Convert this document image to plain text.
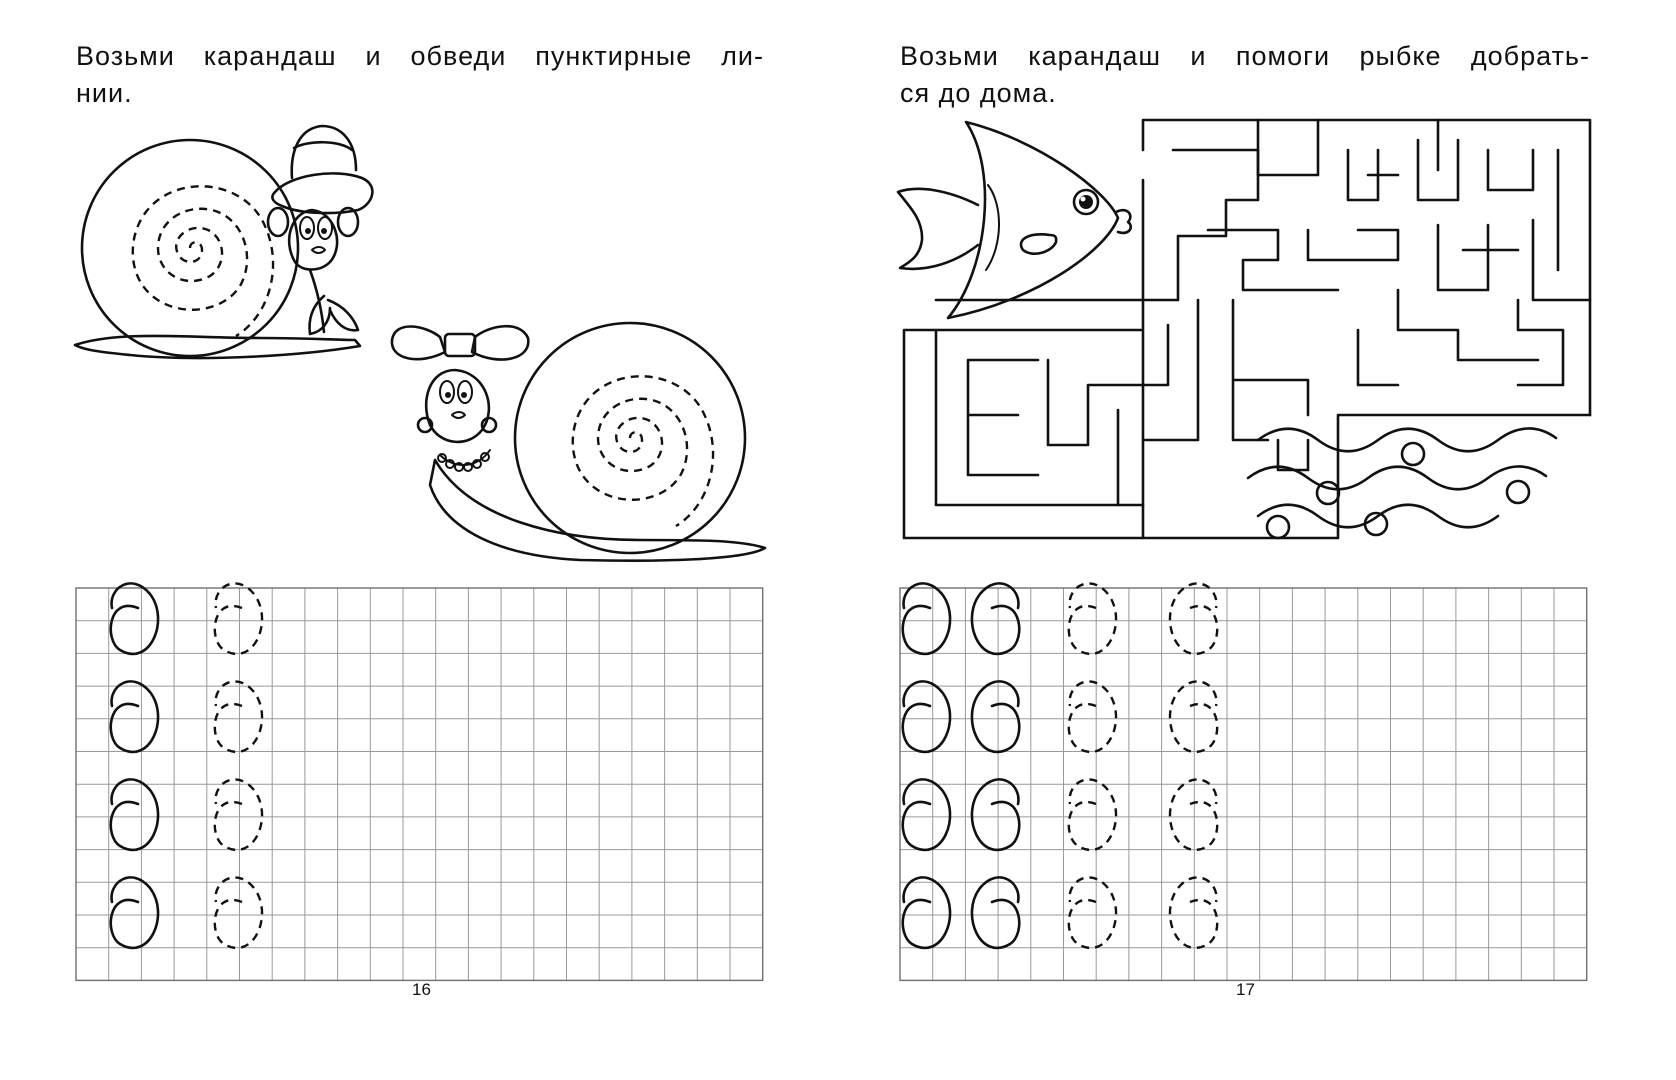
Возьми карандаш и обведи пунктирные ли-
нии.

16

Возьми карандаш и помоги рыбке добрать-
ся до дома.

17
